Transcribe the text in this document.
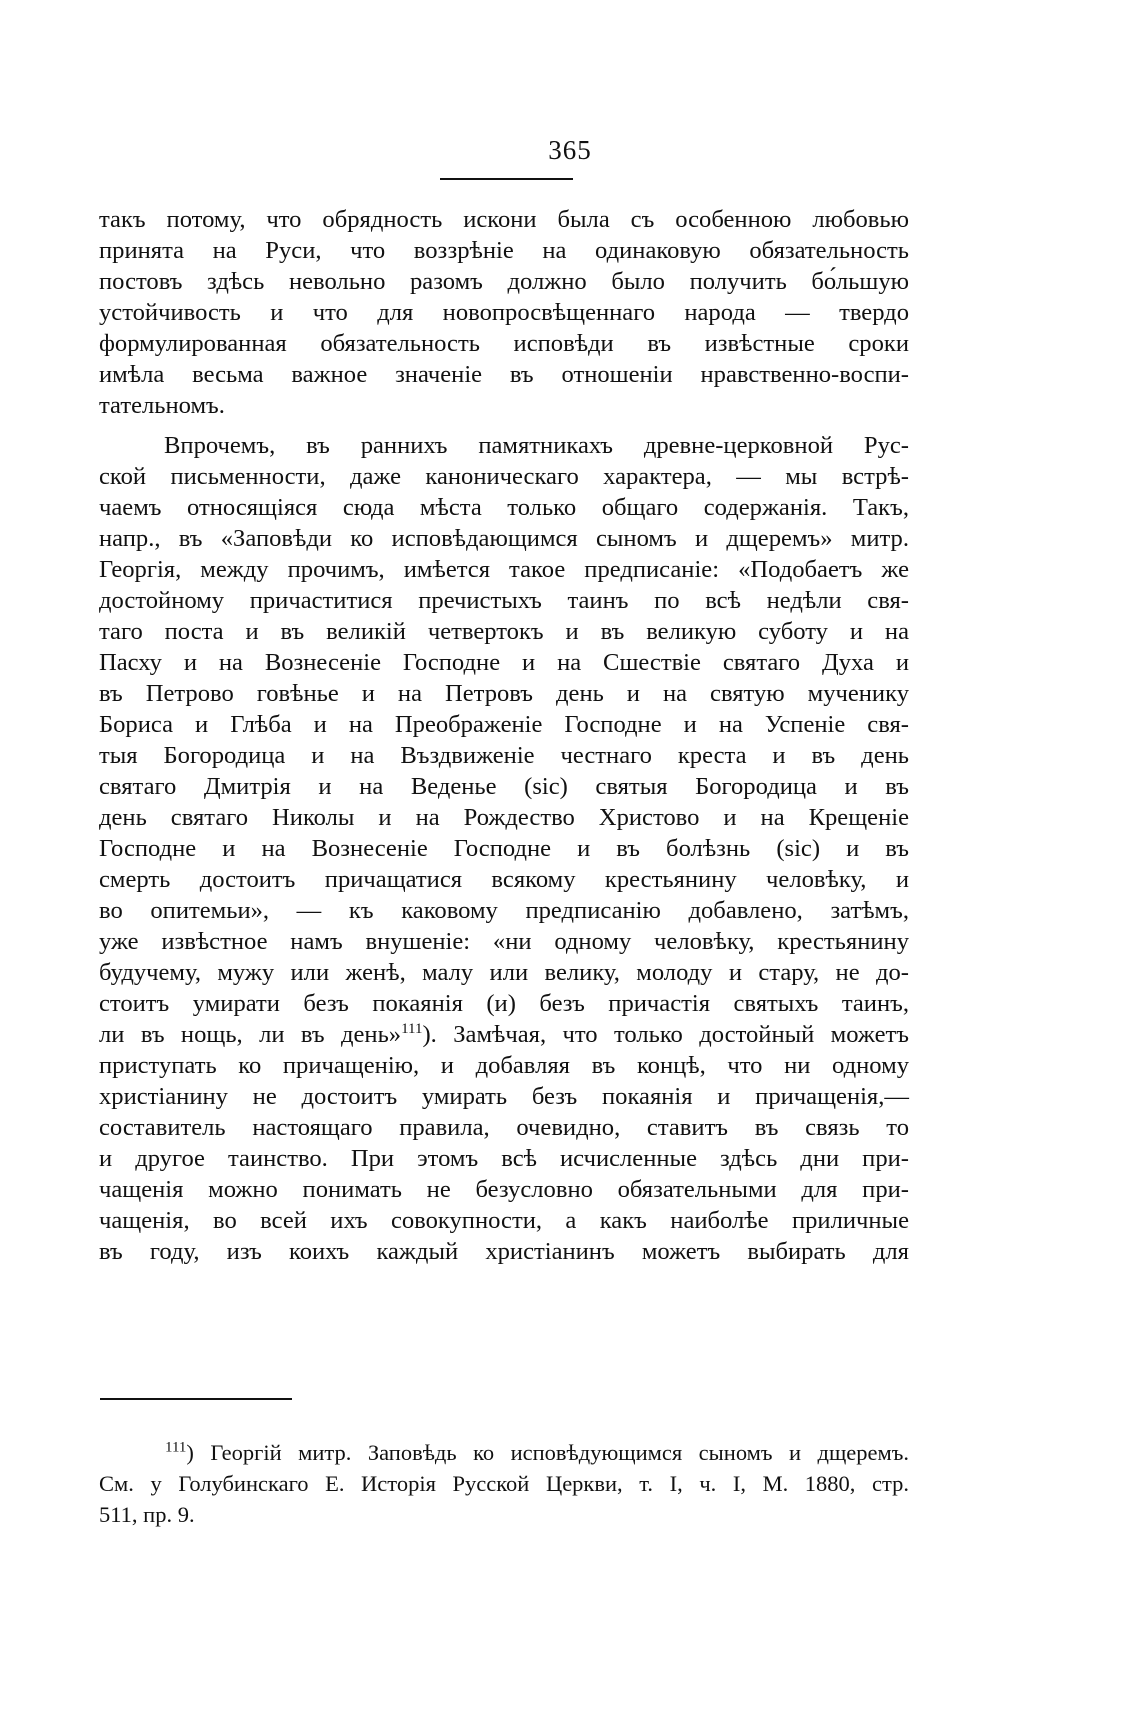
365
такъ потому, что обрядность искони была съ особенною любовью
принята на Руси, что воззрѣніе на одинаковую обязательность
постовъ здѣсь невольно разомъ должно было получить бо́льшую
устойчивость и что для новопросвѣщеннаго народа — твердо
формулированная обязательность исповѣди въ извѣстные сроки
имѣла весьма важное значеніе въ отношеніи нравственно-воспи-
тательномъ.
Впрочемъ, въ раннихъ памятникахъ древне-церковной Рус-
ской письменности, даже каноническаго характера, — мы встрѣ-
чаемъ относящіяся сюда мѣста только общаго содержанія. Такъ,
напр., въ «Заповѣди ко исповѣдающимся сыномъ и дщеремъ» митр.
Георгія, между прочимъ, имѣется такое предписаніе: «Подобаетъ же
достойному причаститися пречистыхъ таинъ по всѣ недѣли свя-
таго поста и въ великій четвертокъ и въ великую суботу и на
Пасху и на Вознесеніе Господне и на Сшествіе святаго Духа и
въ Петрово говѣнье и на Петровъ день и на святую мученику
Бориса и Глѣба и на Преображеніе Господне и на Успеніе свя-
тыя Богородица и на Въздвиженіе честнаго креста и въ день
святаго Дмитрія и на Веденье (sic) святыя Богородица и въ
день святаго Николы и на Рождество Христово и на Крещеніе
Господне и на Вознесеніе Господне и въ болѣзнь (sic) и въ
смерть достоитъ причащатися всякому крестьянину человѣку, и
во опитемьи», — къ каковому предписанію добавлено, затѣмъ,
уже извѣстное намъ внушеніе: «ни одному человѣку, крестьянину
будучему, мужу или женѣ, малу или велику, молоду и стару, не до-
стоитъ умирати безъ покаянія (и) безъ причастія святыхъ таинъ,
ли въ нощь, ли въ день»$^{111}$). Замѣчая, что только достойный можетъ
приступать ко причащенію, и добавляя въ концѣ, что ни одному
христіанину не достоитъ умирать безъ покаянія и причащенія,—
составитель настоящаго правила, очевидно, ставитъ въ связь то
и другое таинство. При этомъ всѣ исчисленные здѣсь дни при-
чащенія можно понимать не безусловно обязательными для при-
чащенія, во всей ихъ совокупности, а какъ наиболѣе приличные
въ году, изъ коихъ каждый христіанинъ можетъ выбирать для
$^{111}$) Георгій митр. Заповѣдь ко исповѣдующимся сыномъ и дщеремъ.
См. у Голубинскаго Е. Исторія Русской Церкви, т. I, ч. I, М. 1880, стр.
511, пр. 9.
